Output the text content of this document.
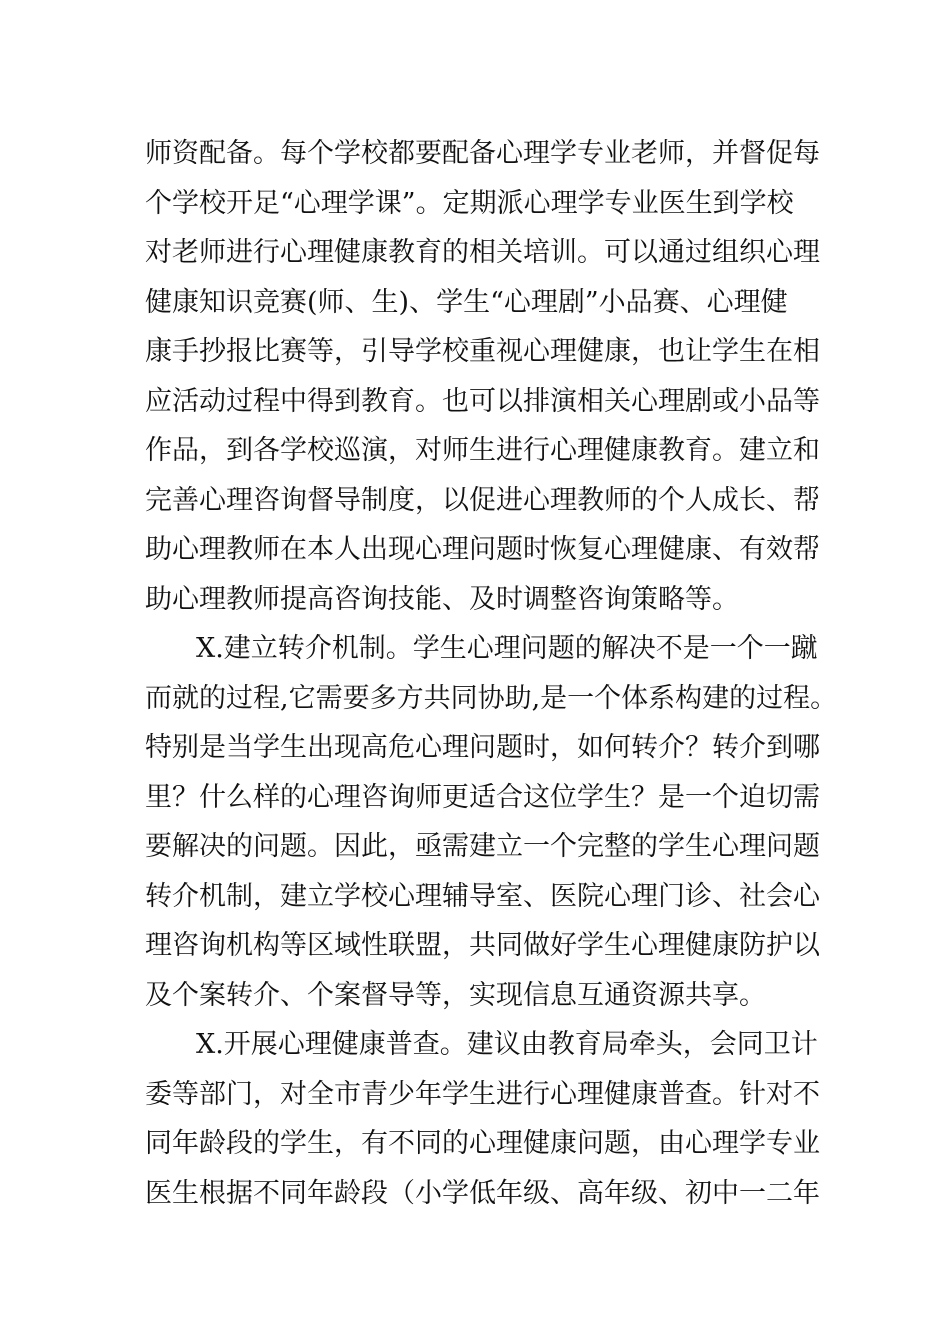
师资配备。每个学校都要配备心理学专业老师，并督促每
个学校开足“心理学课”。定期派心理学专业医生到学校
对老师进行心理健康教育的相关培训。可以通过组织心理
健康知识竞赛(师、生)、学生“心理剧”小品赛、心理健
康手抄报比赛等，引导学校重视心理健康，也让学生在相
应活动过程中得到教育。也可以排演相关心理剧或小品等
作品，到各学校巡演，对师生进行心理健康教育。建立和
完善心理咨询督导制度，以促进心理教师的个人成长、帮
助心理教师在本人出现心理问题时恢复心理健康、有效帮
助心理教师提高咨询技能、及时调整咨询策略等。
X.建立转介机制。学生心理问题的解决不是一个一蹴
而就的过程,它需要多方共同协助,是一个体系构建的过程。
特别是当学生出现高危心理问题时，如何转介？转介到哪
里？什么样的心理咨询师更适合这位学生？是一个迫切需
要解决的问题。因此，亟需建立一个完整的学生心理问题
转介机制，建立学校心理辅导室、医院心理门诊、社会心
理咨询机构等区域性联盟，共同做好学生心理健康防护以
及个案转介、个案督导等，实现信息互通资源共享。
X.开展心理健康普查。建议由教育局牵头，会同卫计
委等部门，对全市青少年学生进行心理健康普查。针对不
同年龄段的学生，有不同的心理健康问题，由心理学专业
医生根据不同年龄段（小学低年级、高年级、初中一二年
